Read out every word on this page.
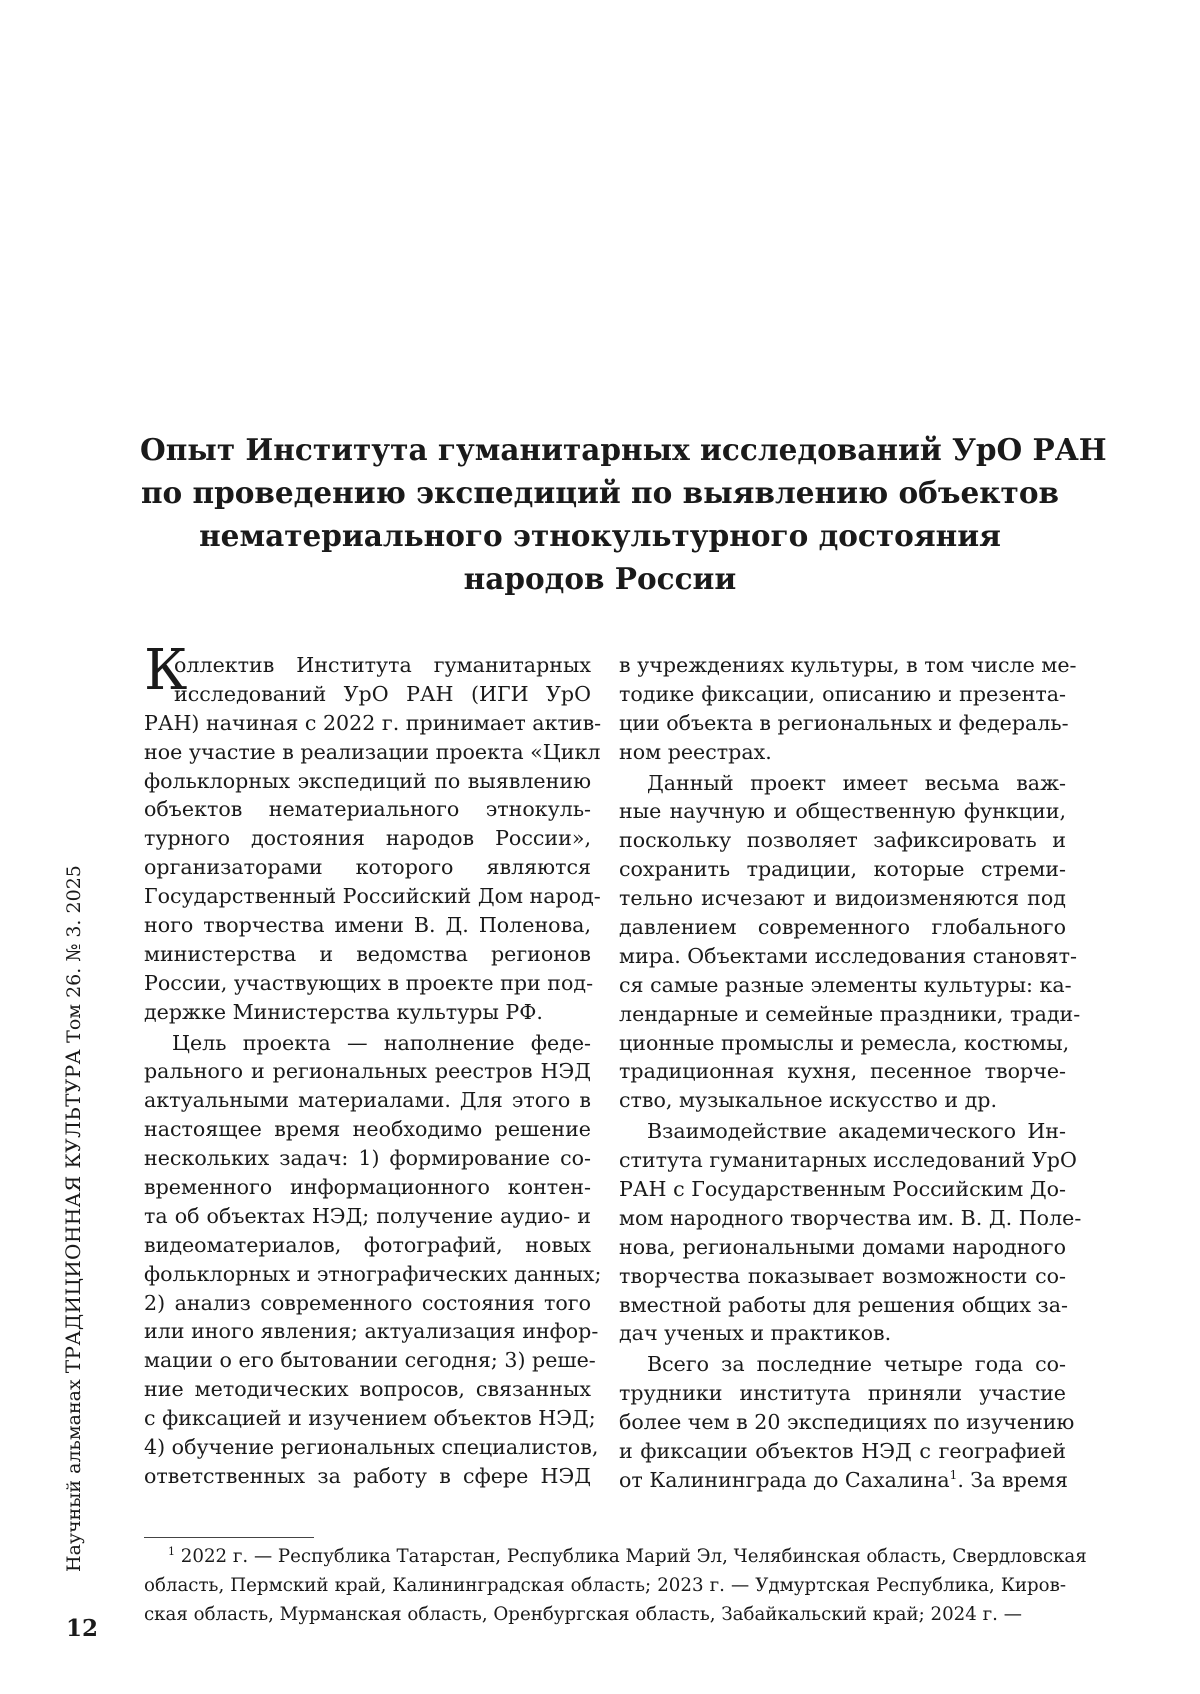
Опыт Института гуманитарных исследований УрО РАН
по проведению экспедиций по выявлению объектов
нематериального этнокультурного достояния
народов России
К
оллектив Института гуманитарных
исследований УрО РАН (ИГИ УрО
РАН) начиная с 2022 г. принимает актив-
ное участие в реализации проекта «Цикл
фольклорных экспедиций по выявлению
объектов нематериального этнокуль-
турного достояния народов России»,
организаторами которого являются
Государственный Российский Дом народ-
ного творчества имени В. Д. Поленова,
министерства и ведомства регионов
России, участвующих в проекте при под-
держке Министерства культуры РФ.
Цель проекта — наполнение феде-
рального и региональных реестров НЭД
актуальными материалами. Для этого в
настоящее время необходимо решение
нескольких задач: 1) формирование со-
временного информационного контен-
та об объектах НЭД; получение аудио- и
видеоматериалов, фотографий, новых
фольклорных и этнографических данных;
2) анализ современного состояния того
или иного явления; актуализация инфор-
мации о его бытовании сегодня; 3) реше-
ние методических вопросов, связанных
с фиксацией и изучением объектов НЭД;
4) обучение региональных специалистов,
ответственных за работу в сфере НЭД
в учреждениях культуры, в том числе ме-
тодике фиксации, описанию и презента-
ции объекта в региональных и федераль-
ном реестрах.
Данный проект имеет весьма важ-
ные научную и общественную функции,
поскольку позволяет зафиксировать и
сохранить традиции, которые стреми-
тельно исчезают и видоизменяются под
давлением современного глобального
мира. Объектами исследования становят-
ся самые разные элементы культуры: ка-
лендарные и семейные праздники, тради-
ционные промыслы и ремесла, костюмы,
традиционная кухня, песенное творче-
ство, музыкальное искусство и др.
Взаимодействие академического Ин-
ститута гуманитарных исследований УрО
РАН с Государственным Российским До-
мом народного творчества им. В. Д. Поле-
нова, региональными домами народного
творчества показывает возможности со-
вместной работы для решения общих за-
дач ученых и практиков.
Всего за последние четыре года со-
трудники института приняли участие
более чем в 20 экспедициях по изучению
и фиксации объектов НЭД с географией
от Калининграда до Сахалина1. За время
1 2022 г. — Республика Татарстан, Республика Марий Эл, Челябинская область, Свердловская
область, Пермский край, Калининградская область; 2023 г. — Удмуртская Республика, Киров-
ская область, Мурманская область, Оренбургская область, Забайкальский край; 2024 г. —
Научный альманах ТРАДИЦИОННАЯ КУЛЬТУРА Том 26. № 3. 2025
12
